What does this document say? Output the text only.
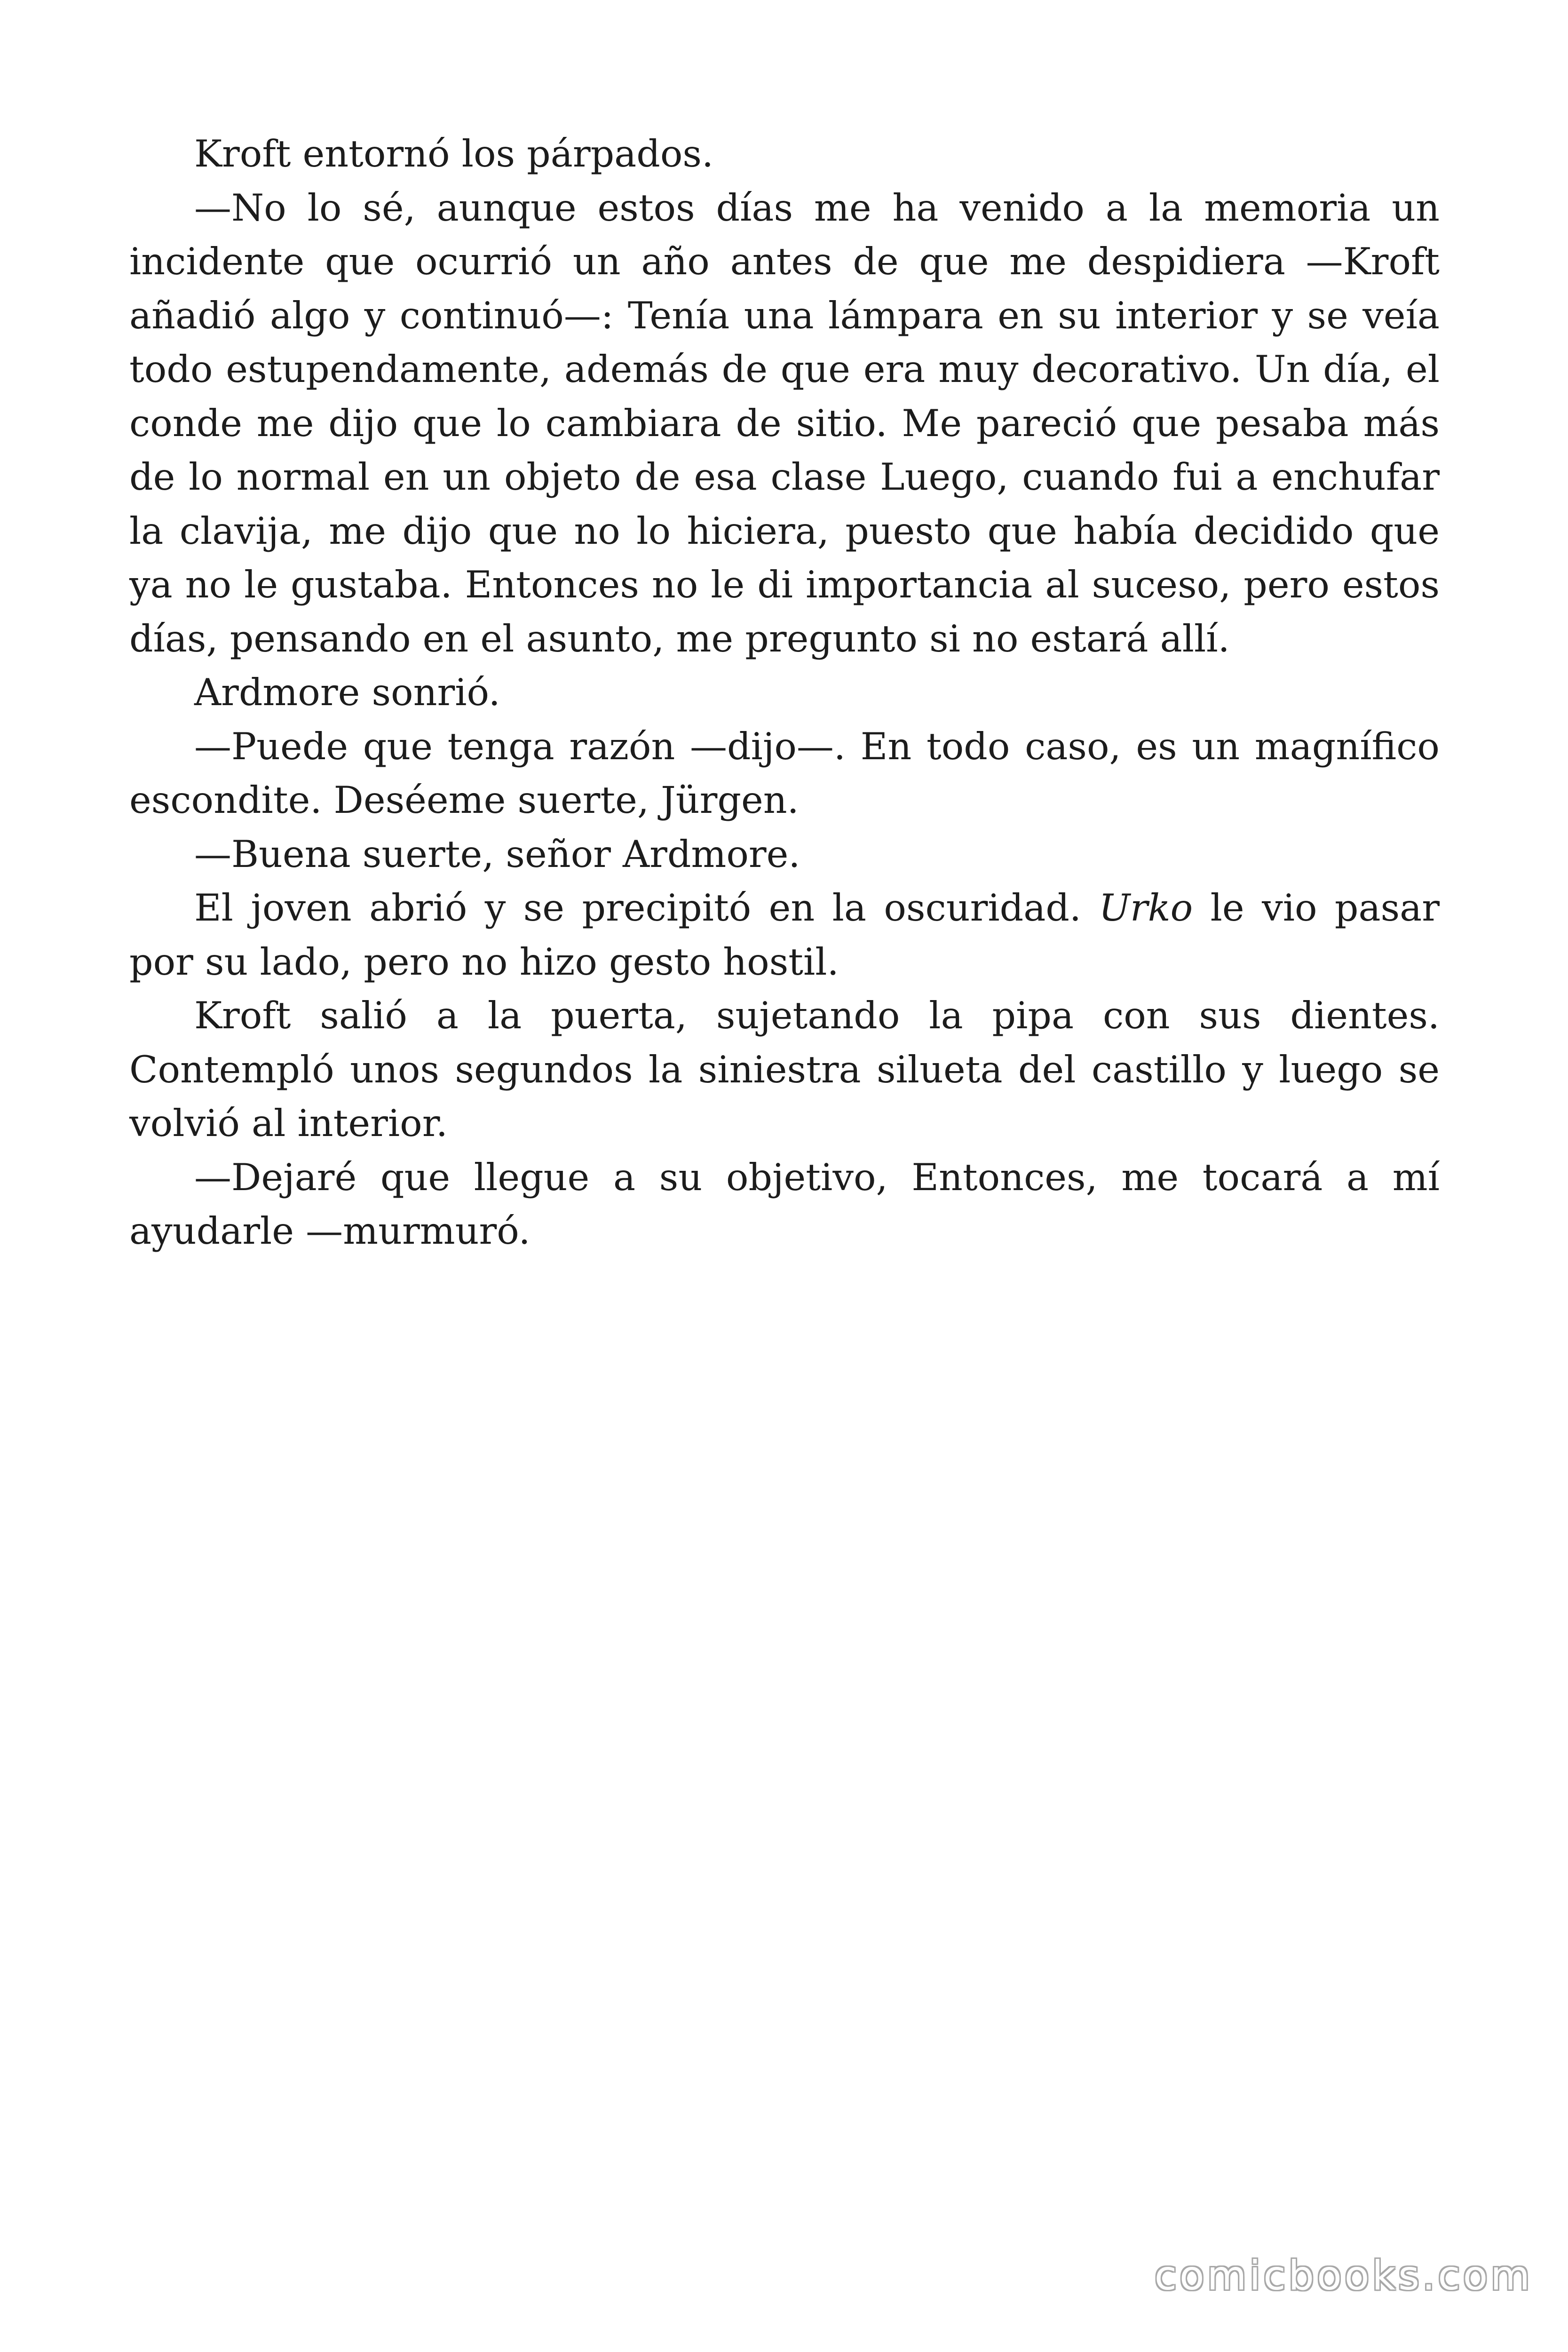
Kroft entornó los párpados.

—No lo sé, aunque estos días me ha venido a la memoria un incidente que ocurrió un año antes de que me despidiera —Kroft añadió algo y continuó—: Tenía una lámpara en su interior y se veía todo estupendamente, además de que era muy decorativo. Un día, el conde me dijo que lo cambiara de sitio. Me pareció que pesaba más de lo normal en un objeto de esa clase Luego, cuando fui a enchufar la clavija, me dijo que no lo hiciera, puesto que había decidido que ya no le gustaba. Entonces no le di importancia al suceso, pero estos días, pensando en el asunto, me pregunto si no estará allí.

Ardmore sonrió.

—Puede que tenga razón —dijo—. En todo caso, es un magnífico escondite. Deséeme suerte, Jürgen.

—Buena suerte, señor Ardmore.

El joven abrió y se precipitó en la oscuridad. Urko le vio pasar por su lado, pero no hizo gesto hostil.

Kroft salió a la puerta, sujetando la pipa con sus dientes. Contempló unos segundos la siniestra silueta del castillo y luego se volvió al interior.

—Dejaré que llegue a su objetivo, Entonces, me tocará a mí ayudarle —murmuró.

comicbooks.com
